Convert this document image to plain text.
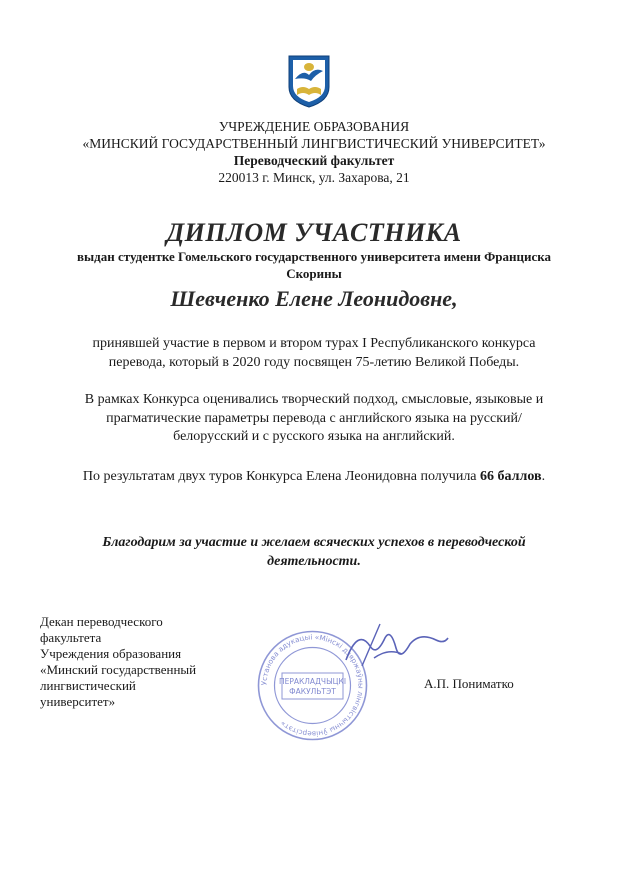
УЧРЕЖДЕНИЕ ОБРАЗОВАНИЯ
«МИНСКИЙ ГОСУДАРСТВЕННЫЙ ЛИНГВИСТИЧЕСКИЙ УНИВЕРСИТЕТ»
Переводческий факультет
220013 г. Минск, ул. Захарова, 21
ДИПЛОМ УЧАСТНИКА
выдан студентке Гомельского государственного университета имени Франциска Скорины
Шевченко Елене Леонидовне,
принявшей участие в первом и втором турах I Республиканского конкурса перевода, который в 2020 году посвящен 75-летию Великой Победы.
В рамках Конкурса оценивались творческий подход, смысловые, языковые и прагматические параметры перевода с английского языка на русский/ белорусский и с русского языка на английский.
По результатам двух туров Конкурса Елена Леонидовна получила 66 баллов.
Благодарим за участие и желаем всяческих успехов в переводческой деятельности.
Декан переводческого
факультета
Учреждения образования
«Минский государственный
лингвистический
университет»
Установа адукацыі «Мінскі дзяржаўны лінгвістычны ўніверсітэт»
ПЕРАКЛАДЧЫЦКІ
ФАКУЛЬТЭТ
А.П. Пониматко
